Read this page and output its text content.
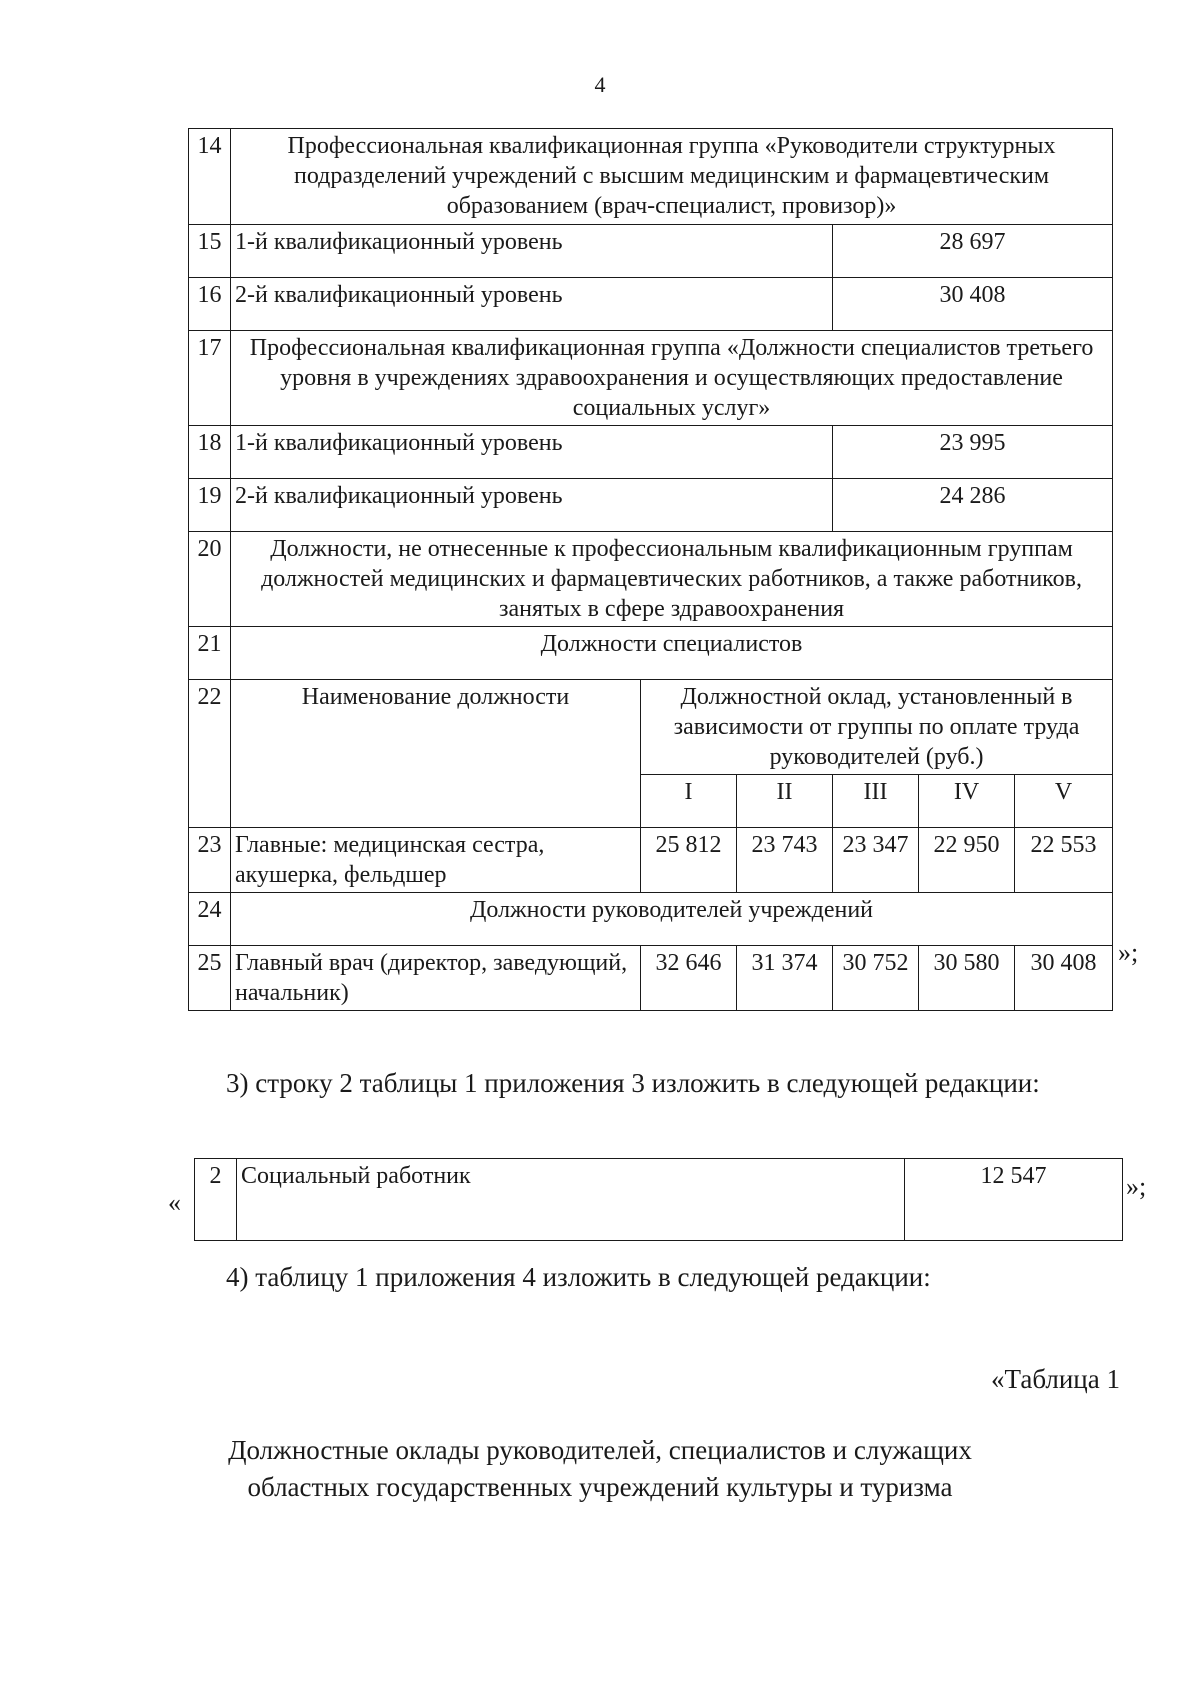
4
14	Профессиональная квалификационная группа «Руководители структурных подразделений учреждений с высшим медицинским и фармацевтическим образованием (врач-специалист, провизор)»					
15	1-й квалификационный уровень			28 697		
16	2-й квалификационный уровень			30 408		
17	Профессиональная квалификационная группа «Должности специалистов третьего уровня в учреждениях здравоохранения и осуществляющих предоставление социальных услуг»					
18	1-й квалификационный уровень			23 995		
19	2-й квалификационный уровень			24 286		
20	Должности, не отнесенные к профессиональным квалификационным группам должностей медицинских и фармацевтических работников, а также работников, занятых в сфере здравоохранения					
21	Должности специалистов					
22	Наименование должности	Должностной оклад, установленный в зависимости от группы по оплате труда руководителей (руб.)				
		I	II	III	IV	V
23	Главные: медицинская сестра, акушерка, фельдшер	25 812	23 743	23 347	22 950	22 553
24	Должности руководителей учреждений					
25	Главный врач (директор, заведующий, начальник)	32 646	31 374	30 752	30 580	30 408 »;
3) строку 2 таблицы 1 приложения 3 изложить в следующей редакции:
«
2	Социальный работник	12 547	»;
4) таблицу 1 приложения 4 изложить в следующей редакции:
«Таблица 1
Должностные оклады руководителей, специалистов и служащих
областных государственных учреждений культуры и туризма
